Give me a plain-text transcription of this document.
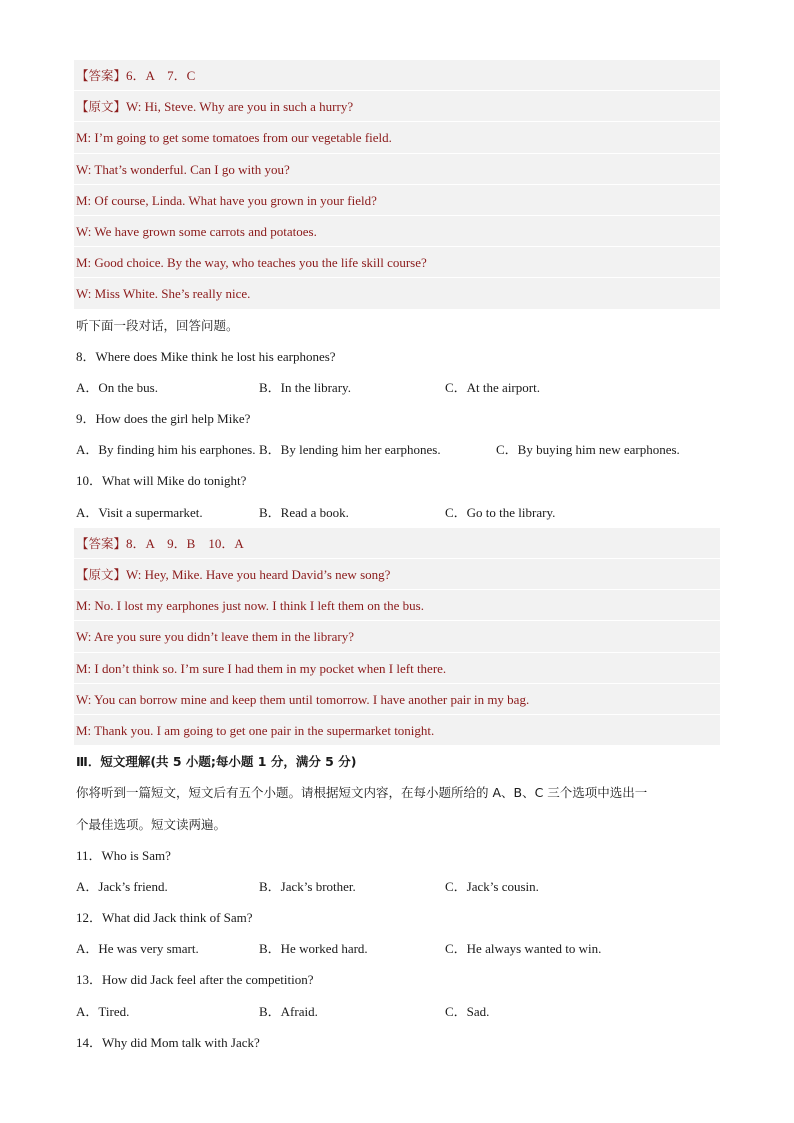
【答案】6．A　7．C
【原文】W: Hi, Steve. Why are you in such a hurry?
M: I’m going to get some tomatoes from our vegetable field.
W: That’s wonderful. Can I go with you?
M: Of course, Linda. What have you grown in your field?
W: We have grown some carrots and potatoes.
M: Good choice. By the way, who teaches you the life skill course?
W: Miss White. She’s really nice.
听下面一段对话，回答问题。
8．Where does Mike think he lost his earphones?
A．On the bus.	B．In the library.	C．At the airport.
9．How does the girl help Mike?
A．By finding him his earphones. B．By lending him her earphones.	C．By buying him new earphones.
10．What will Mike do tonight?
A．Visit a supermarket.	B．Read a book.	C．Go to the library.
【答案】8．A　9．B　10．A
【原文】W: Hey, Mike. Have you heard David’s new song?
M: No. I lost my earphones just now. I think I left them on the bus.
W: Are you sure you didn’t leave them in the library?
M: I don’t think so. I’m sure I had them in my pocket when I left there.
W: You can borrow mine and keep them until tomorrow. I have another pair in my bag.
M: Thank you. I am going to get one pair in the supermarket tonight.
Ⅲ．短文理解(共 5 小题;每小题 1 分，满分 5 分)
你将听到一篇短文，短文后有五个小题。请根据短文内容，在每小题所给的 A、B、C 三个选项中选出一
个最佳选项。短文读两遍。
11．Who is Sam?
A．Jack’s friend.	B．Jack’s brother.	C．Jack’s cousin.
12．What did Jack think of Sam?
A．He was very smart.	B．He worked hard.	C．He always wanted to win.
13．How did Jack feel after the competition?
A．Tired.	B．Afraid.	C．Sad.
14．Why did Mom talk with Jack?
